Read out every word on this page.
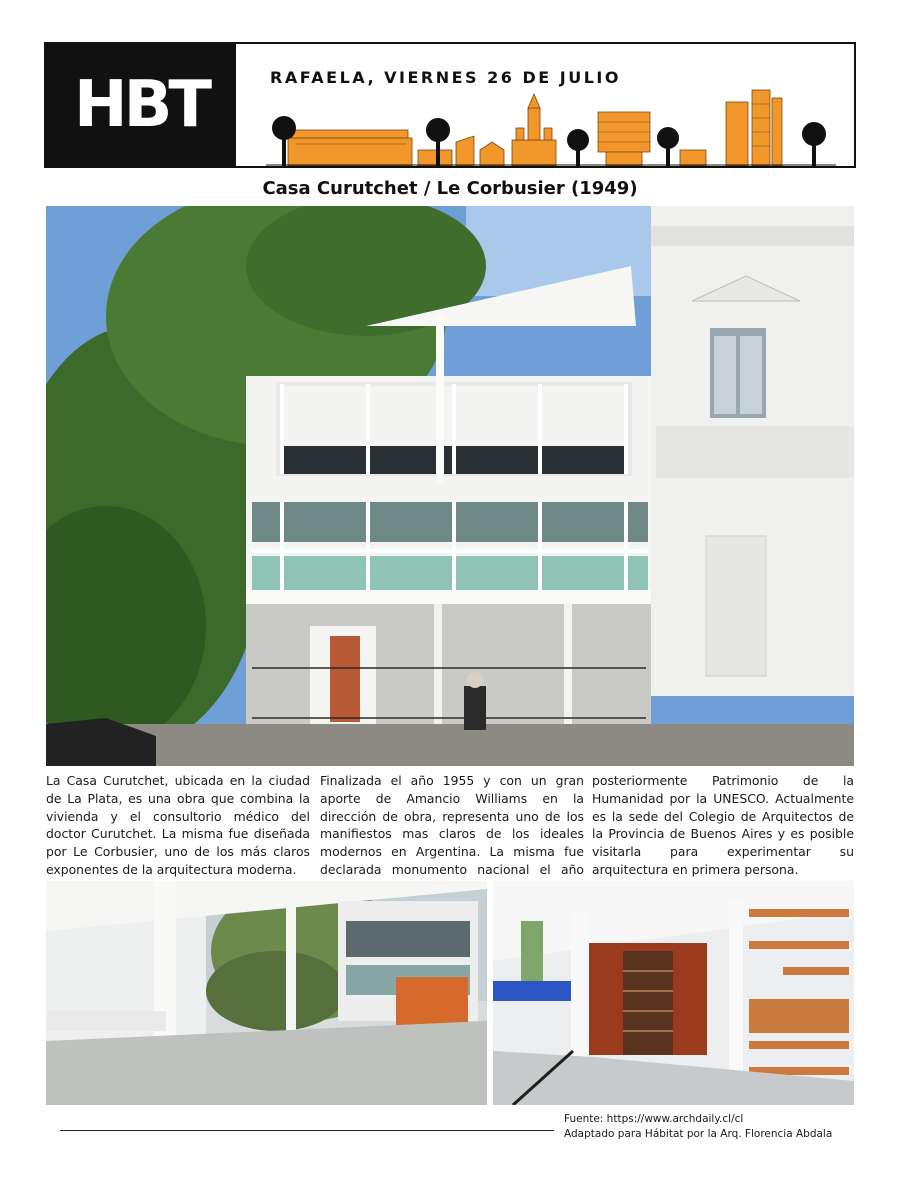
HBT	RAFAELA, VIERNES 26 DE JULIO
Casa Curutchet / Le Corbusier (1949)
La Casa Curutchet, ubicada en la ciudad de La Plata, es una obra que combina la vivienda y el consultorio médico del doctor Curutchet. La misma fue diseñada por Le Corbusier, uno de los más claros exponentes de la arquitectura moderna.
Finalizada el año 1955 y con un gran aporte de Amancio Williams en la dirección de obra, representa uno de los manifiestos mas claros de los ideales modernos en Argentina. La misma fue declarada monumento nacional el año
posteriormente Patrimonio de la Humanidad por la UNESCO. Actualmente es la sede del Colegio de Arquitectos de la Provincia de Buenos Aires y es posible visitarla para experimentar su arquitectura en primera persona.
Fuente: https://www.archdaily.cl/cl
Adaptado para Hábitat por la Arq. Florencia Abdala
